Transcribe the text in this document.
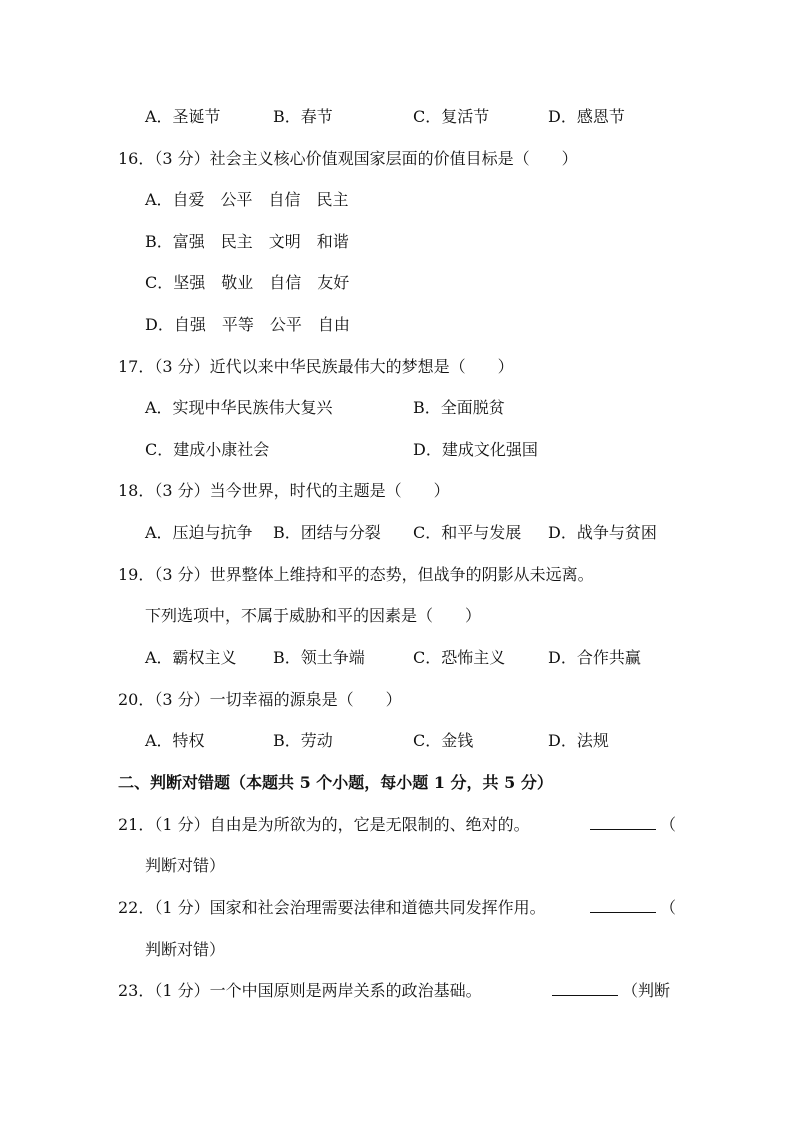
A．圣诞节	B．春节	C．复活节	D．感恩节
16．（3 分）社会主义核心价值观国家层面的价值目标是（　　）
A．自爱　公平　自信　民主
B．富强　民主　文明　和谐
C．坚强　敬业　自信　友好
D．自强　平等　公平　自由
17．（3 分）近代以来中华民族最伟大的梦想是（　　）
A．实现中华民族伟大复兴	B．全面脱贫
C．建成小康社会	D．建成文化强国
18．（3 分）当今世界，时代的主题是（　　）
A．压迫与抗争 B．团结与分裂 C．和平与发展 D．战争与贫困
19．（3 分）世界整体上维持和平的态势，但战争的阴影从未远离。
下列选项中，不属于威胁和平的因素是（　　）
A．霸权主义 B．领土争端	C．恐怖主义	D．合作共赢
20．（3 分）一切幸福的源泉是（　　）
A．特权	B．劳动	C．金钱	D．法规
二、判断对错题（本题共 5 个小题，每小题 1 分，共 5 分）
21．（1 分）自由是为所欲为的，它是无限制的、绝对的。	（
判断对错）
22．（1 分）国家和社会治理需要法律和道德共同发挥作用。	（
判断对错）
23．（1 分）一个中国原则是两岸关系的政治基础。	（判断
